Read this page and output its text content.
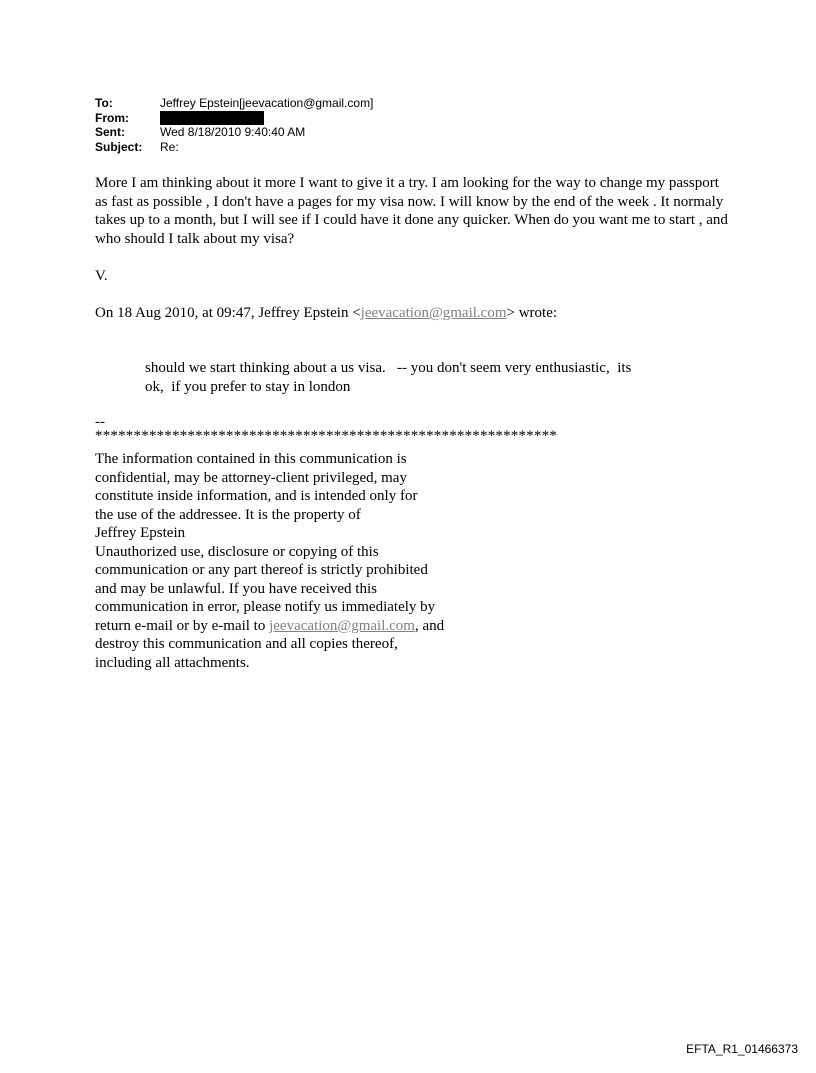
To:	Jeffrey Epstein[jeevacation@gmail.com]
From:
Sent:	Wed 8/18/2010 9:40:40 AM
Subject:	Re:
More I am thinking about it more I want to give it a try. I am looking for the way to change my passport as fast as possible , I don't have a pages for my visa now. I will know by the end of the week . It normaly takes up to a month, but I will see if I could have it done any quicker. When do you want me to start , and who should I talk about my visa?
V.
On 18 Aug 2010, at 09:47, Jeffrey Epstein <jeevacation@gmail.com> wrote:
should we start thinking about a us visa.   -- you don't seem very enthusiastic,  its
ok,  if you prefer to stay in london
--
************************************************************
The information contained in this communication is
confidential, may be attorney-client privileged, may
constitute inside information, and is intended only for
the use of the addressee. It is the property of
Jeffrey Epstein
Unauthorized use, disclosure or copying of this
communication or any part thereof is strictly prohibited
and may be unlawful. If you have received this
communication in error, please notify us immediately by
return e-mail or by e-mail to jeevacation@gmail.com, and
destroy this communication and all copies thereof,
including all attachments.
EFTA_R1_01466373
